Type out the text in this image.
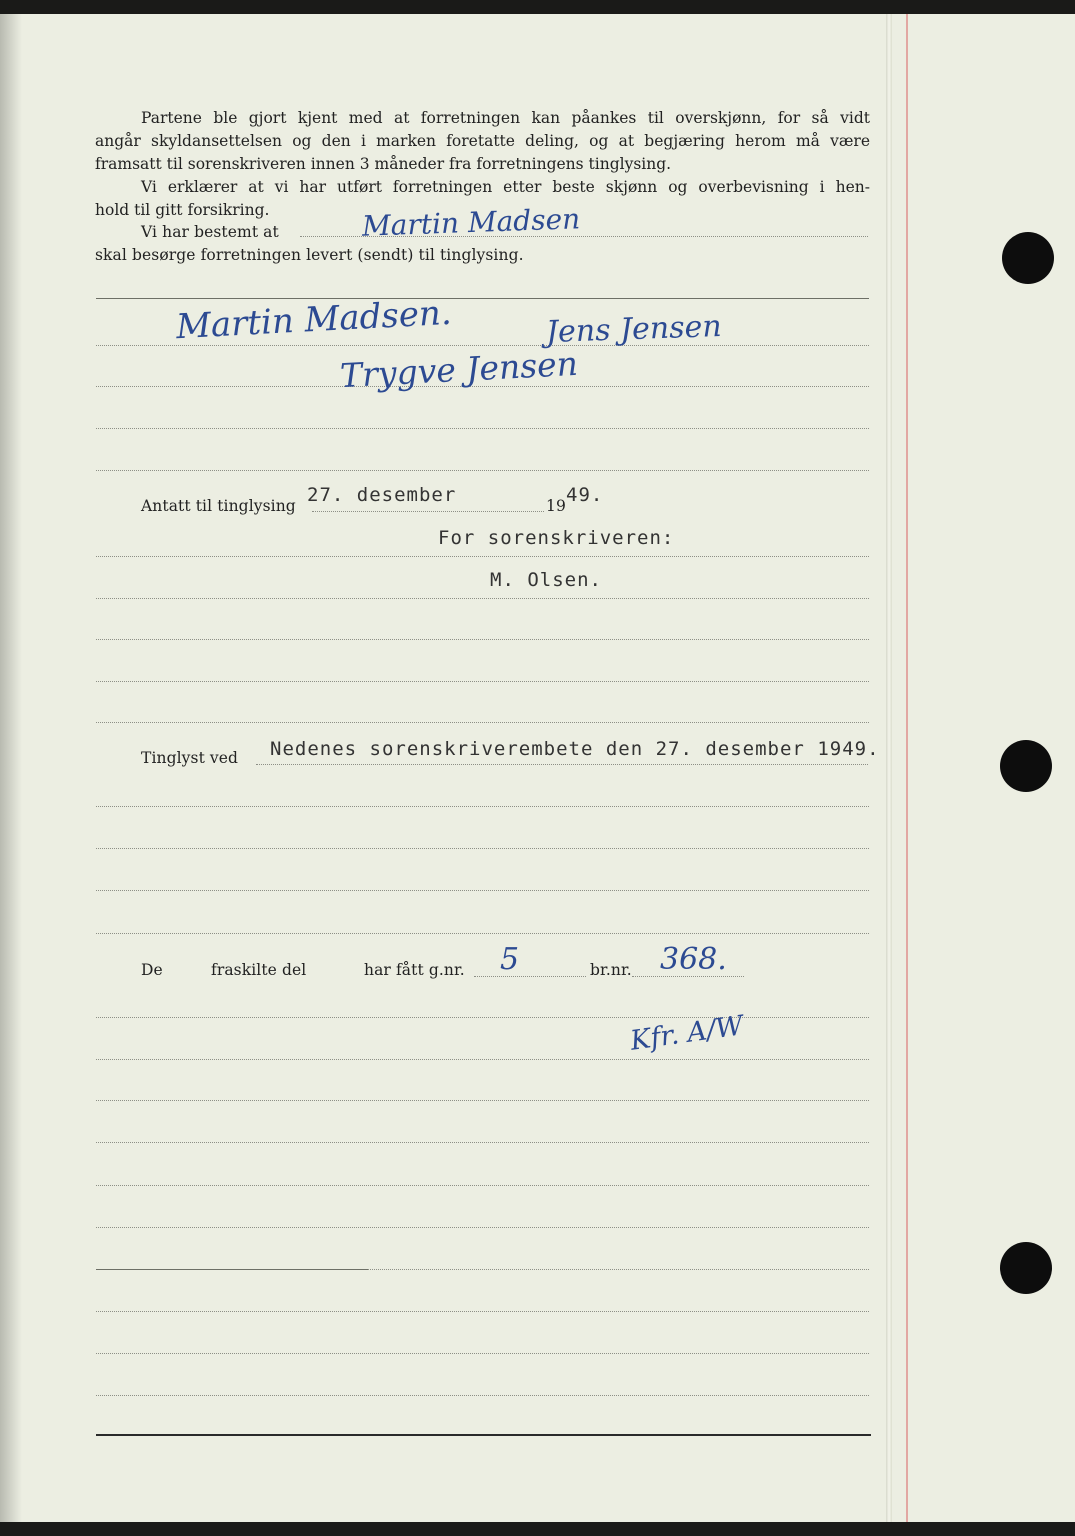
Partene ble gjort kjent med at forretningen kan påankes til overskjønn, for så vidt
angår skyldansettelsen og den i marken foretatte deling, og at begjæring herom må være
framsatt til sorenskriveren innen 3 måneder fra forretningens tinglysing.
Vi erklærer at vi har utført forretningen etter beste skjønn og overbevisning i hen-
hold til gitt forsikring.
Vi har bestemt at	Martin Madsen
skal besørge forretningen levert (sendt) til tinglysing.
Martin Madsen.	Jens Jensen
Trygve Jensen
Antatt til tinglysing 27. desember	19 49.
For sorenskriveren:
M. Olsen.
Tinglyst ved Nedenes sorenskriverembete den 27. desember 1949.
De	fraskilte del	har fått g.nr. 5	br.nr. 368.
Kfr. A/W
